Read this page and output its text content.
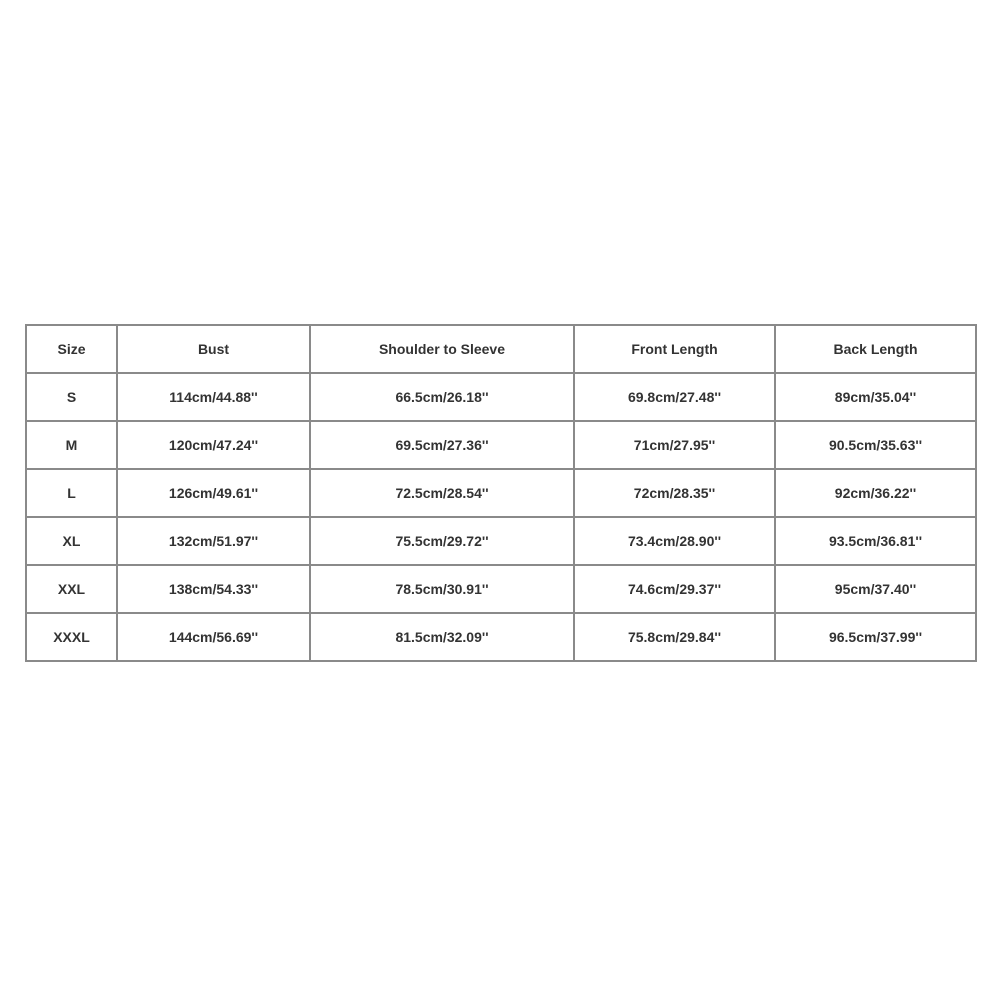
Size	Bust	Shoulder to Sleeve	Front Length	Back Length
S	114cm/44.88''	66.5cm/26.18''	69.8cm/27.48''	89cm/35.04''
M	120cm/47.24''	69.5cm/27.36''	71cm/27.95''	90.5cm/35.63''
L	126cm/49.61''	72.5cm/28.54''	72cm/28.35''	92cm/36.22''
XL	132cm/51.97''	75.5cm/29.72''	73.4cm/28.90''	93.5cm/36.81''
XXL	138cm/54.33''	78.5cm/30.91''	74.6cm/29.37''	95cm/37.40''
XXXL	144cm/56.69''	81.5cm/32.09''	75.8cm/29.84''	96.5cm/37.99''
